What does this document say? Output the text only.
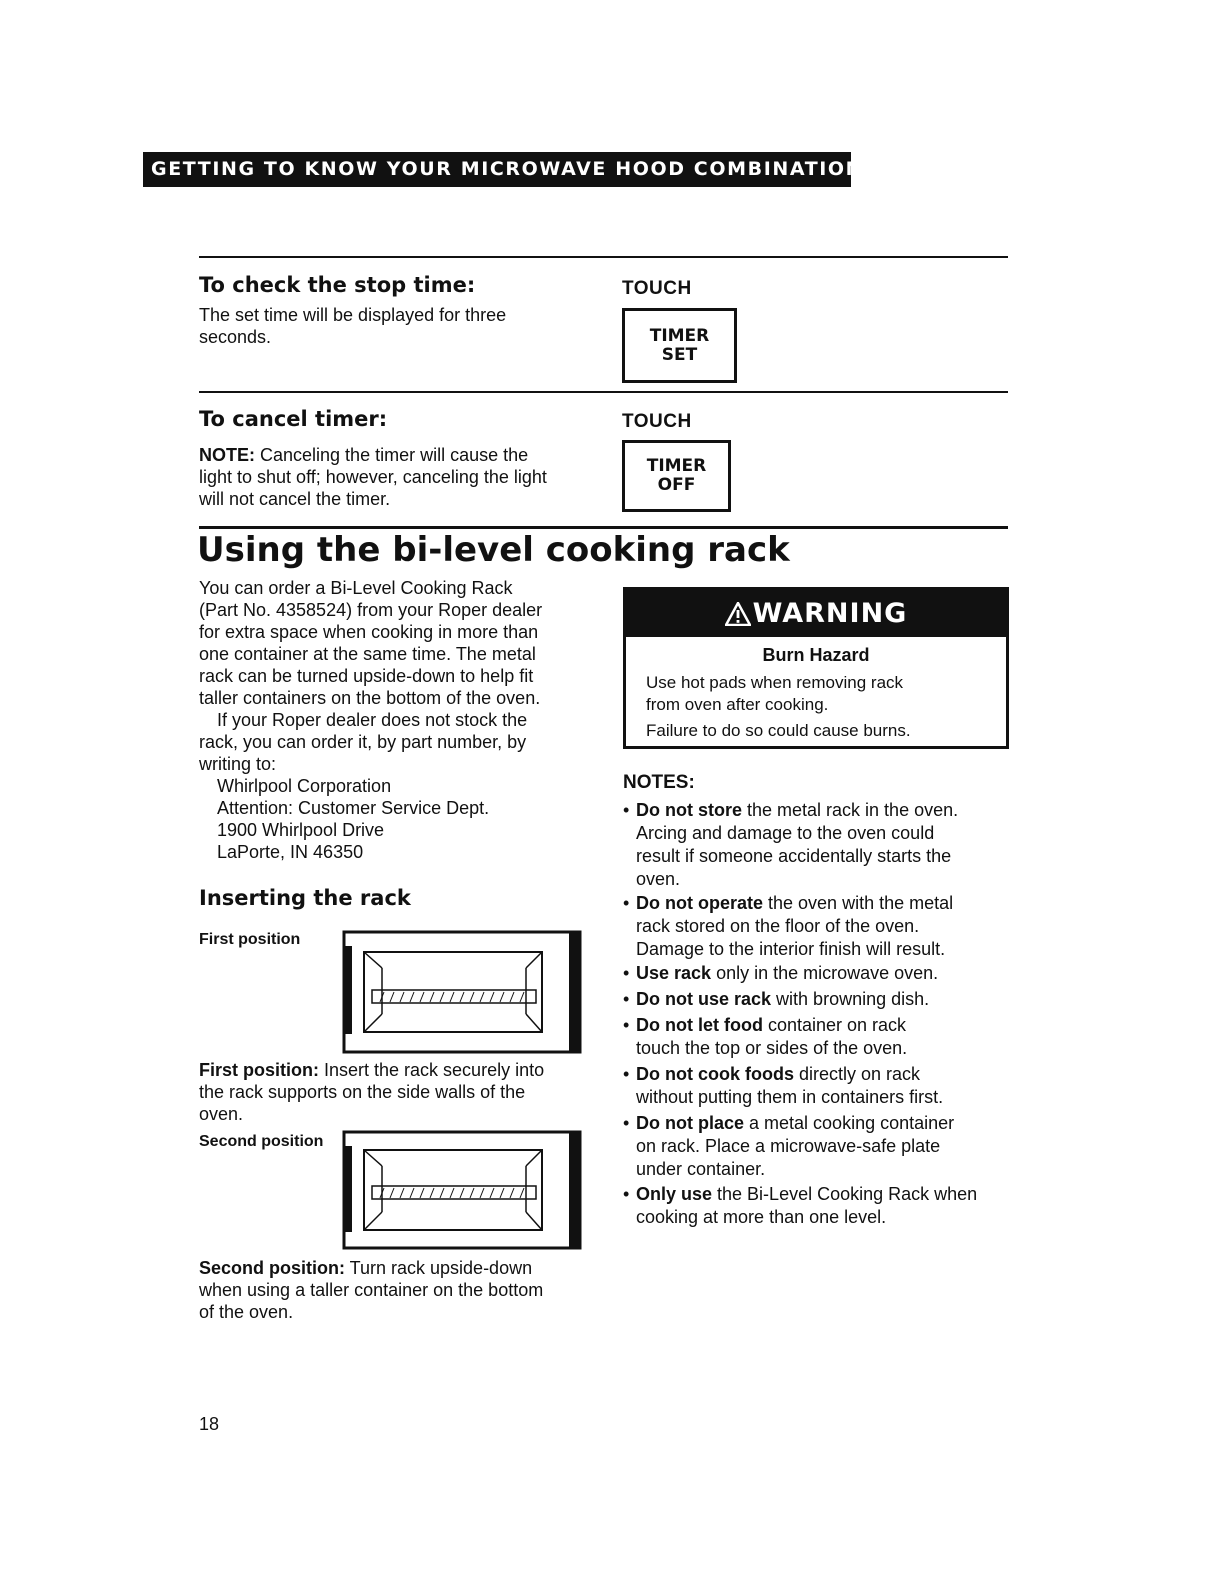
GETTING TO KNOW YOUR MICROWAVE HOOD COMBINATION
To check the stop time:
The set time will be displayed for three
seconds.
TOUCH
TIMER
SET
To cancel timer:
NOTE: Canceling the timer will cause the
light to shut off; however, canceling the light
will not cancel the timer.
TOUCH
TIMER
OFF
Using the bi-level cooking rack
You can order a Bi-Level Cooking Rack
(Part No. 4358524) from your Roper dealer
for extra space when cooking in more than
one container at the same time. The metal
rack can be turned upside-down to help fit
taller containers on the bottom of the oven.
If your Roper dealer does not stock the
rack, you can order it, by part number, by
writing to:
Whirlpool Corporation
Attention: Customer Service Dept.
1900 Whirlpool Drive
LaPorte, IN 46350
Inserting the rack
First position
First position: Insert the rack securely into
the rack supports on the side walls of the
oven.
Second position
Second position: Turn rack upside-down
when using a taller container on the bottom
of the oven.
WARNING
Burn Hazard
Use hot pads when removing rack
from oven after cooking.
Failure to do so could cause burns.
NOTES:
• Do not store the metal rack in the oven.
Arcing and damage to the oven could
result if someone accidentally starts the
oven.
• Do not operate the oven with the metal
rack stored on the floor of the oven.
Damage to the interior finish will result.
• Use rack only in the microwave oven.
• Do not use rack with browning dish.
• Do not let food container on rack
touch the top or sides of the oven.
• Do not cook foods directly on rack
without putting them in containers first.
• Do not place a metal cooking container
on rack. Place a microwave-safe plate
under container.
• Only use the Bi-Level Cooking Rack when
cooking at more than one level.
18
